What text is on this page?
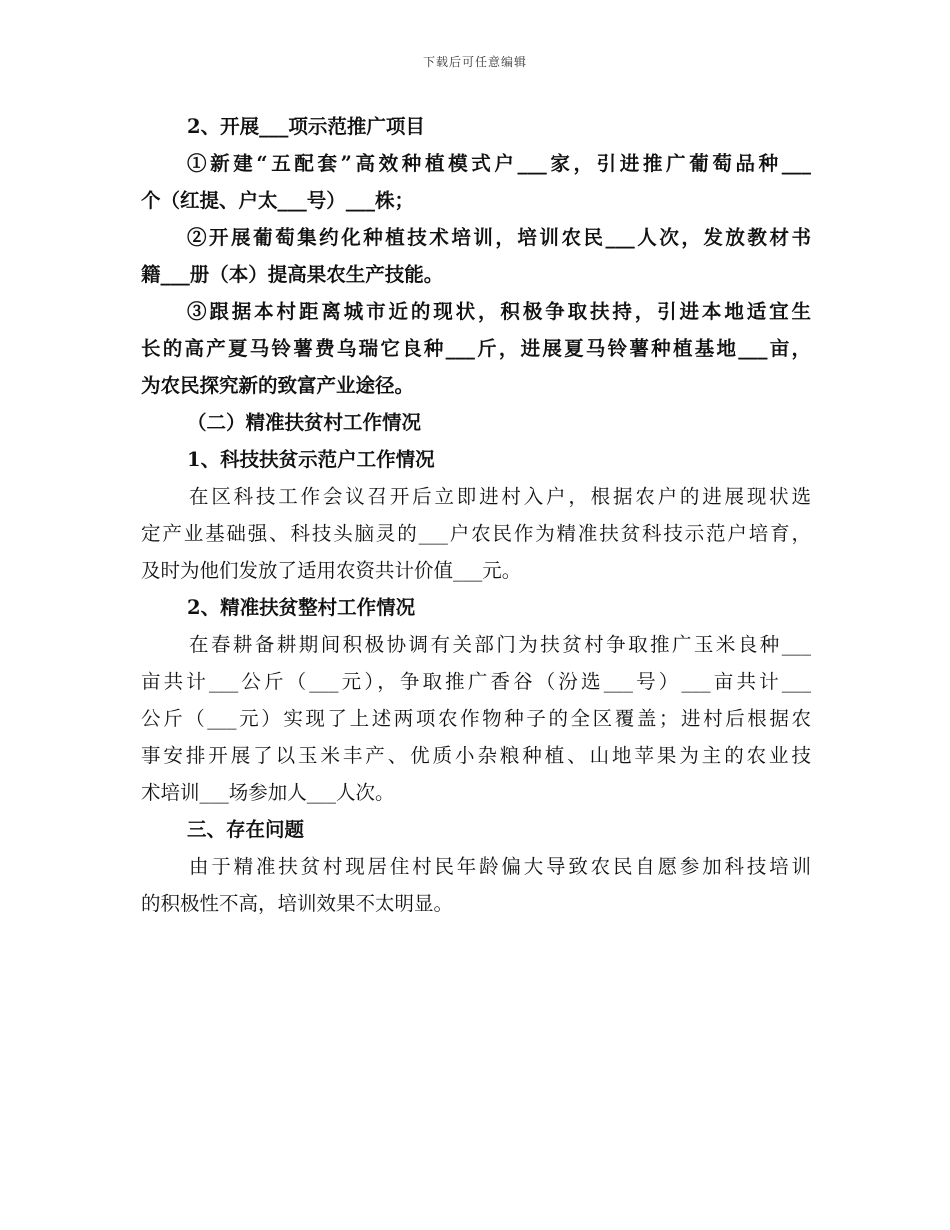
下载后可任意编辑
2、开展___项示范推广项目
①新建“五配套”高效种植模式户___家，引进推广葡萄品种___
个（红提、户太___号）___株；
②开展葡萄集约化种植技术培训，培训农民___人次，发放教材书
籍___册（本）提高果农生产技能。
③跟据本村距离城市近的现状，积极争取扶持，引进本地适宜生
长的高产夏马铃薯费乌瑞它良种___斤，进展夏马铃薯种植基地___亩，
为农民探究新的致富产业途径。
（二）精准扶贫村工作情况
1、科技扶贫示范户工作情况
在区科技工作会议召开后立即进村入户，根据农户的进展现状选
定产业基础强、科技头脑灵的___户农民作为精准扶贫科技示范户培育，
及时为他们发放了适用农资共计价值___元。
2、精准扶贫整村工作情况
在春耕备耕期间积极协调有关部门为扶贫村争取推广玉米良种___
亩共计___公斤（___元），争取推广香谷（汾选___号）___亩共计___
公斤（___元）实现了上述两项农作物种子的全区覆盖；进村后根据农
事安排开展了以玉米丰产、优质小杂粮种植、山地苹果为主的农业技
术培训___场参加人___人次。
三、存在问题
由于精准扶贫村现居住村民年龄偏大导致农民自愿参加科技培训
的积极性不高，培训效果不太明显。
